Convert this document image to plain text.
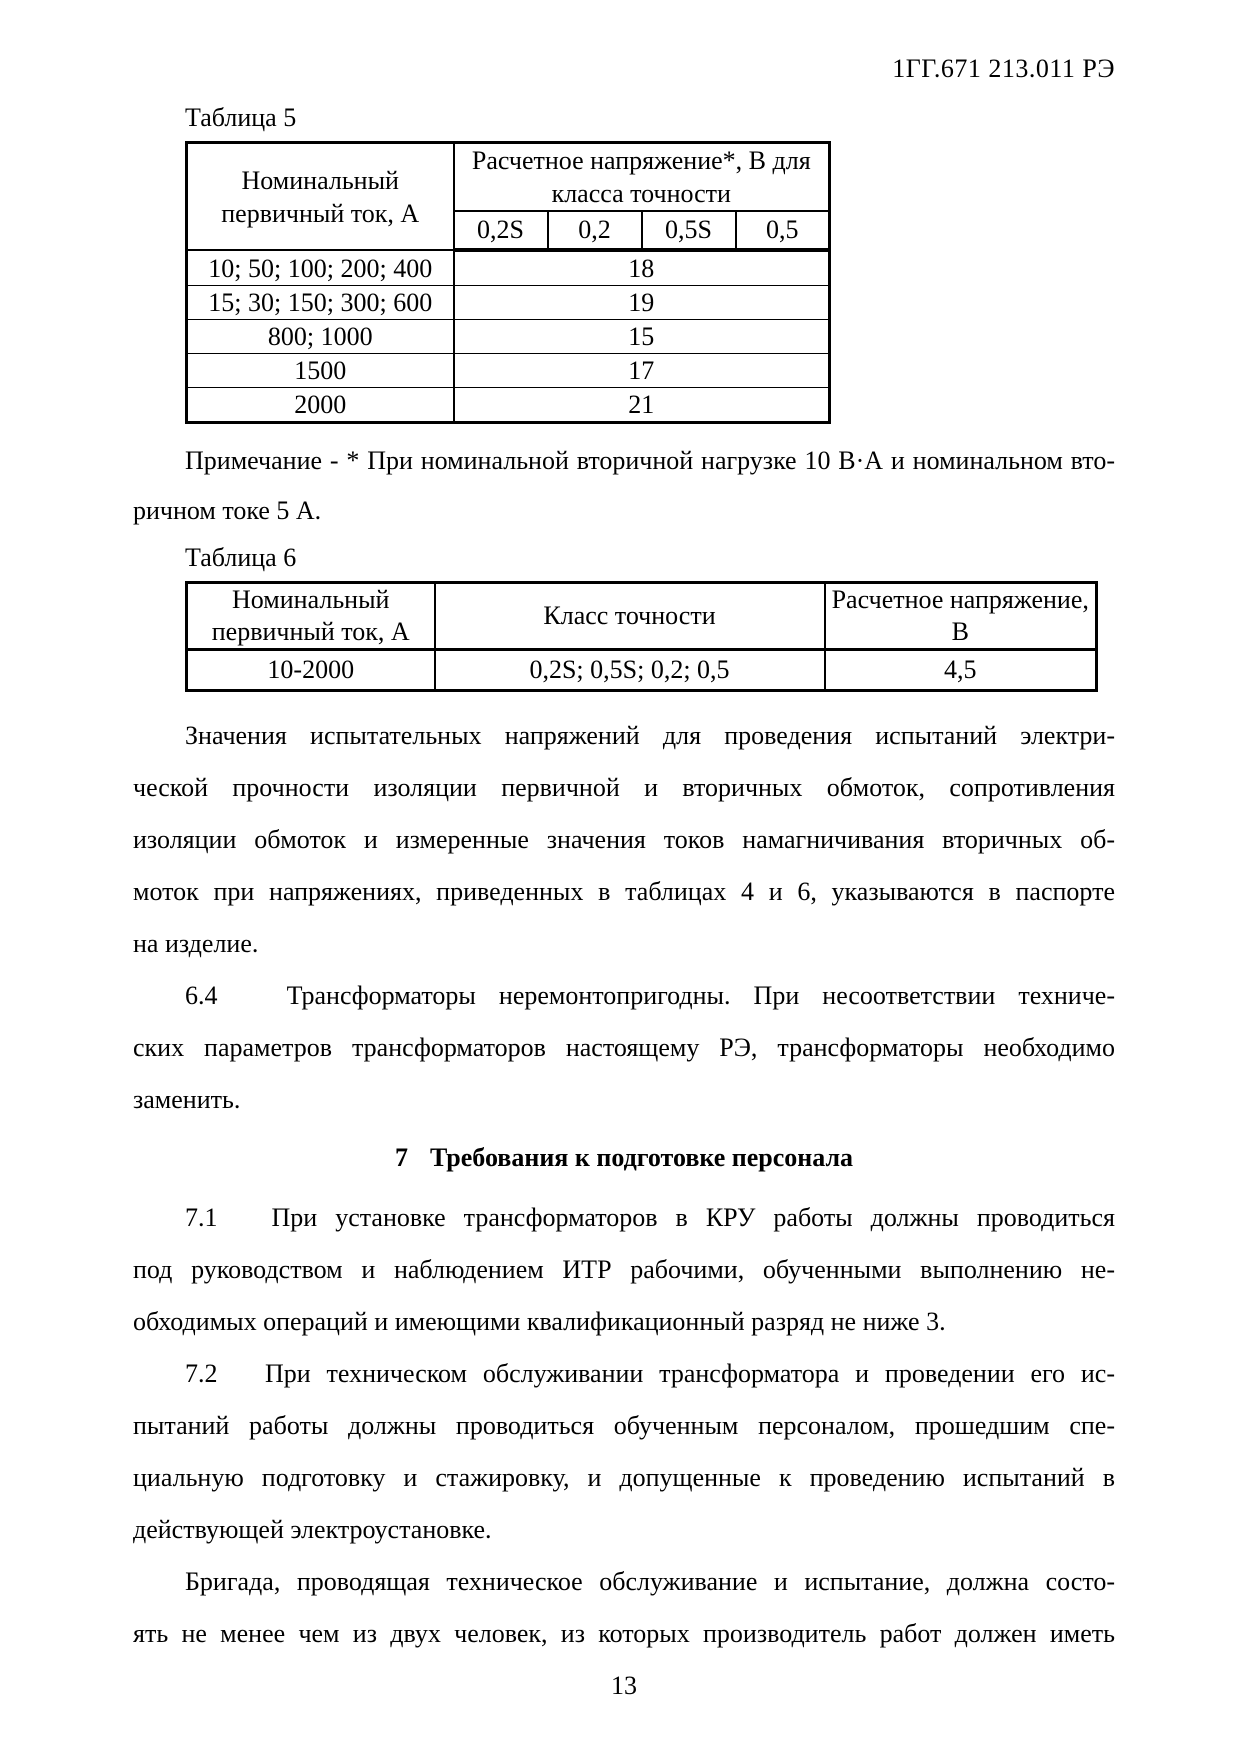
1ГГ.671 213.011 РЭ
Таблица 5
Номинальный первичный ток, А	Расчетное напряжение*, В для класса точности			
	0,2S	0,2	0,5S	0,5
10; 50; 100; 200; 400	18			
15; 30; 150; 300; 600	19			
800; 1000	15			
1500	17			
2000	21			
Примечание - * При номинальной вторичной нагрузке 10 В·А и номинальном вто-
ричном токе 5 А.
Таблица 6
Номинальный первичный ток, А	Класс точности	Расчетное напряжение, В
10-2000	0,2S; 0,5S; 0,2; 0,5	4,5
Значения испытательных напряжений для проведения испытаний электри-
ческой прочности изоляции первичной и вторичных обмоток, сопротивления
изоляции обмоток и измеренные значения токов намагничивания вторичных об-
моток при напряжениях, приведенных в таблицах 4 и 6, указываются в паспорте
на изделие.
6.4   Трансформаторы неремонтопригодны. При несоответствии техниче-
ских параметров трансформаторов настоящему РЭ, трансформаторы необходимо
заменить.
7 Требования к подготовке персонала
7.1   При установке трансформаторов в КРУ работы должны проводиться
под руководством и наблюдением ИТР рабочими, обученными выполнению не-
обходимых операций и имеющими квалификационный разряд не ниже 3.
7.2   При техническом обслуживании трансформатора и проведении его ис-
пытаний работы должны проводиться обученным персоналом, прошедшим спе-
циальную подготовку и стажировку, и допущенные к проведению испытаний в
действующей электроустановке.
Бригада, проводящая техническое обслуживание и испытание, должна состо-
ять не менее чем из двух человек, из которых производитель работ должен иметь
13
